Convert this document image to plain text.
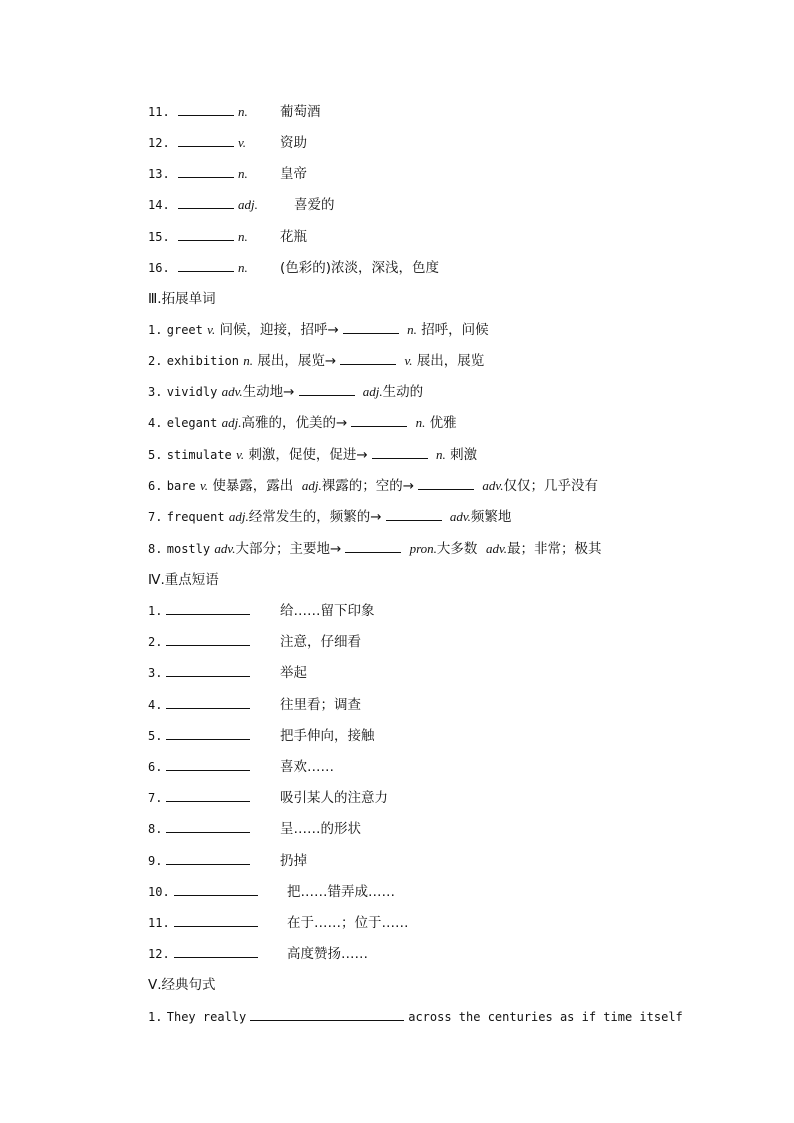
11.	n. 葡萄酒
12.	v.	资助
13.	n. 皇帝
14.	adj.	喜爱的
15.	n. 花瓶
16.	n. (色彩的)浓淡，深浅，色度
Ⅲ.拓展单词
1. greet v. 问候，迎接，招呼→	n. 招呼，问候
2. exhibition n. 展出，展览→	v. 展出，展览
3. vividly adv.生动地→	adj.生动的
4. elegant adj.高雅的，优美的→	n. 优雅
5. stimulate v. 刺激，促使，促进→	n. 刺激
6. bare v. 使暴露，露出 adj.裸露的；空的→	adv.仅仅；几乎没有
7. frequent adj.经常发生的，频繁的→	adv.频繁地
8. mostly adv.大部分；主要地→	pron.大多数 adv.最；非常；极其
Ⅳ.重点短语
1.	给……留下印象
2.	注意，仔细看
3.	举起
4.	往里看；调查
5.	把手伸向，接触
6.	喜欢……
7.	吸引某人的注意力
8.	呈……的形状
9.	扔掉
10.	把……错弄成……
11.	在于……；位于……
12.	高度赞扬……
Ⅴ.经典句式
1. They really	across the centuries as if time itself
